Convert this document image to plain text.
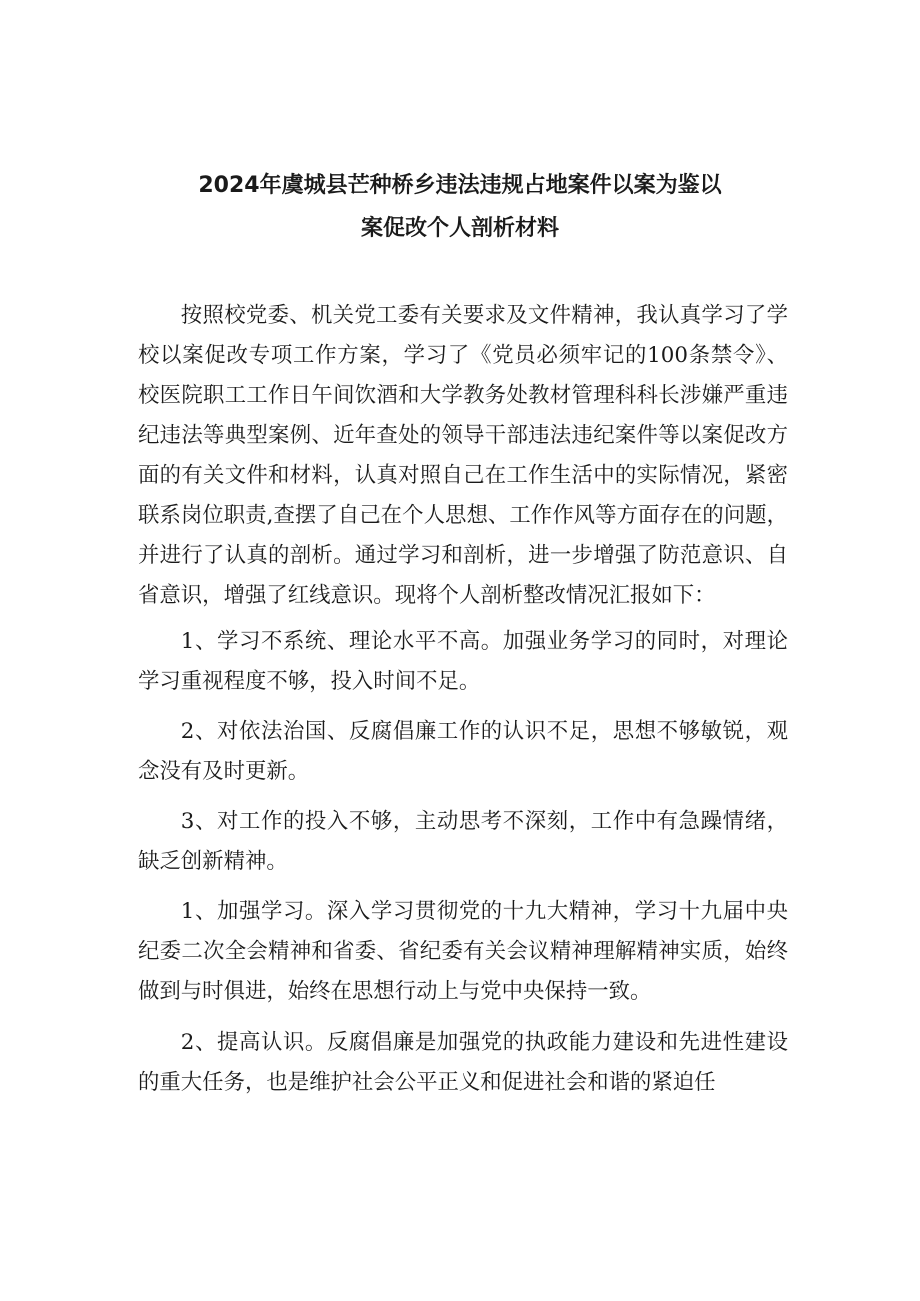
2024年虞城县芒种桥乡违法违规占地案件以案为鉴以
案促改个人剖析材料

按照校党委、机关党工委有关要求及文件精神，我认真学习了学校以案促改专项工作方案，学习了《党员必须牢记的100条禁令》、校医院职工工作日午间饮酒和大学教务处教材管理科科长涉嫌严重违纪违法等典型案例、近年查处的领导干部违法违纪案件等以案促改方面的有关文件和材料，认真对照自己在工作生活中的实际情况，紧密联系岗位职责,查摆了自己在个人思想、工作作风等方面存在的问题，并进行了认真的剖析。通过学习和剖析，进一步增强了防范意识、自省意识，增强了红线意识。现将个人剖析整改情况汇报如下：

1、学习不系统、理论水平不高。加强业务学习的同时，对理论学习重视程度不够，投入时间不足。

2、对依法治国、反腐倡廉工作的认识不足，思想不够敏锐，观念没有及时更新。

3、对工作的投入不够，主动思考不深刻，工作中有急躁情绪，缺乏创新精神。

1、加强学习。深入学习贯彻党的十九大精神，学习十九届中央纪委二次全会精神和省委、省纪委有关会议精神理解精神实质，始终做到与时俱进，始终在思想行动上与党中央保持一致。

2、提高认识。反腐倡廉是加强党的执政能力建设和先进性建设的重大任务，也是维护社会公平正义和促进社会和谐的紧迫任
